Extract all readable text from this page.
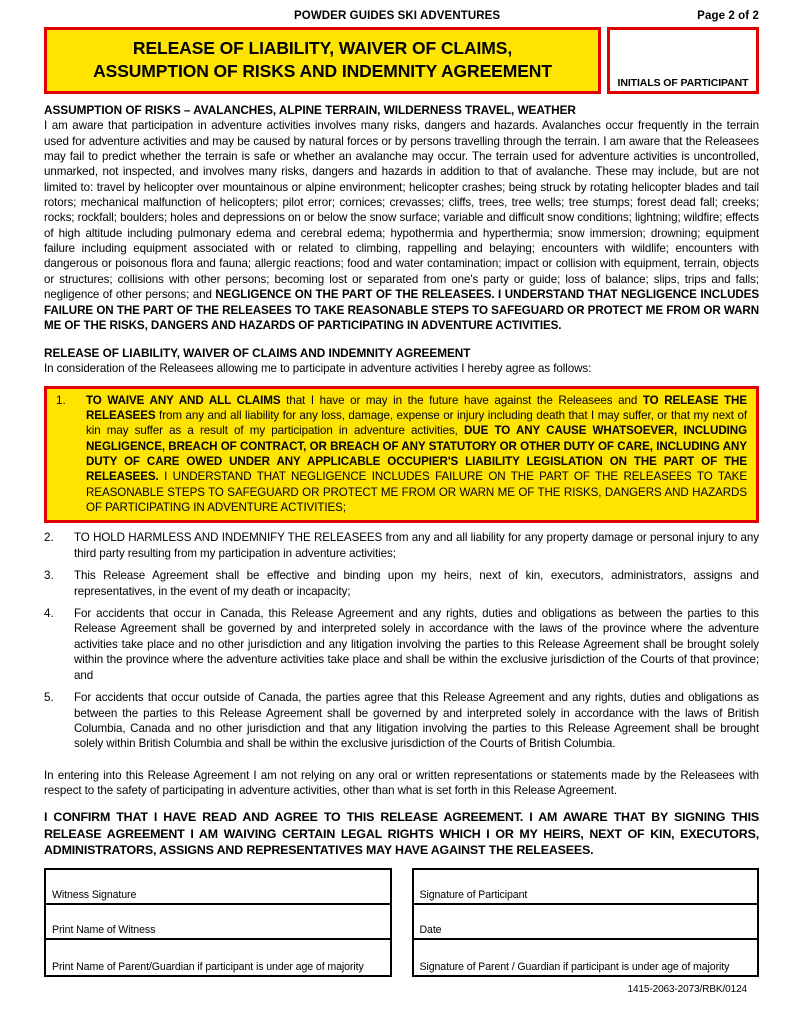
POWDER GUIDES SKI ADVENTURES	Page 2 of 2
RELEASE OF LIABILITY, WAIVER OF CLAIMS,
ASSUMPTION OF RISKS AND INDEMNITY AGREEMENT
INITIALS OF PARTICIPANT
ASSUMPTION OF RISKS – AVALANCHES, ALPINE TERRAIN, WILDERNESS TRAVEL, WEATHER

I am aware that participation in adventure activities involves many risks, dangers and hazards. Avalanches occur frequently in the terrain used for adventure activities and may be caused by natural forces or by persons travelling through the terrain. I am aware that the Releasees may fail to predict whether the terrain is safe or whether an avalanche may occur. The terrain used for adventure activities is uncontrolled, unmarked, not inspected, and involves many risks, dangers and hazards in addition to that of avalanche. These may include, but are not limited to: travel by helicopter over mountainous or alpine environment; helicopter crashes; being struck by rotating helicopter blades and tail rotors; mechanical malfunction of helicopters; pilot error; cornices; crevasses; cliffs, trees, tree wells; tree stumps; forest dead fall; creeks; rocks; rockfall; boulders; holes and depressions on or below the snow surface; variable and difficult snow conditions; lightning; wildfire; effects of high altitude including pulmonary edema and cerebral edema; hypothermia and hyperthermia; snow immersion; drowning; equipment failure including equipment associated with or related to climbing, rappelling and belaying; encounters with wildlife; encounters with dangerous or poisonous flora and fauna; allergic reactions; food and water contamination; impact or collision with equipment, terrain, objects or structures; collisions with other persons; becoming lost or separated from one's party or guide; loss of balance; slips, trips and falls; negligence of other persons; and NEGLIGENCE ON THE PART OF THE RELEASEES. I UNDERSTAND THAT NEGLIGENCE INCLUDES FAILURE ON THE PART OF THE RELEASEES TO TAKE REASONABLE STEPS TO SAFEGUARD OR PROTECT ME FROM OR WARN ME OF THE RISKS, DANGERS AND HAZARDS OF PARTICIPATING IN ADVENTURE ACTIVITIES.

RELEASE OF LIABILITY, WAIVER OF CLAIMS AND INDEMNITY AGREEMENT

In consideration of the Releasees allowing me to participate in adventure activities I hereby agree as follows:

1.	TO WAIVE ANY AND ALL CLAIMS that I have or may in the future have against the Releasees and TO RELEASE THE RELEASEES from any and all liability for any loss, damage, expense or injury including death that I may suffer, or that my next of kin may suffer as a result of my participation in adventure activities, DUE TO ANY CAUSE WHATSOEVER, INCLUDING NEGLIGENCE, BREACH OF CONTRACT, OR BREACH OF ANY STATUTORY OR OTHER DUTY OF CARE, INCLUDING ANY DUTY OF CARE OWED UNDER ANY APPLICABLE OCCUPIER'S LIABILITY LEGISLATION ON THE PART OF THE RELEASEES. I UNDERSTAND THAT NEGLIGENCE INCLUDES FAILURE ON THE PART OF THE RELEASEES TO TAKE REASONABLE STEPS TO SAFEGUARD OR PROTECT ME FROM OR WARN ME OF THE RISKS, DANGERS AND HAZARDS OF PARTICIPATING IN ADVENTURE ACTIVITIES;
2.	TO HOLD HARMLESS AND INDEMNIFY THE RELEASEES from any and all liability for any property damage or personal injury to any third party resulting from my participation in adventure activities;
3.	This Release Agreement shall be effective and binding upon my heirs, next of kin, executors, administrators, assigns and representatives, in the event of my death or incapacity;
4.	For accidents that occur in Canada, this Release Agreement and any rights, duties and obligations as between the parties to this Release Agreement shall be governed by and interpreted solely in accordance with the laws of the province where the adventure activities take place and no other jurisdiction and any litigation involving the parties to this Release Agreement shall be brought solely within the province where the adventure activities take place and shall be within the exclusive jurisdiction of the Courts of that province; and
5.	For accidents that occur outside of Canada, the parties agree that this Release Agreement and any rights, duties and obligations as between the parties to this Release Agreement shall be governed by and interpreted solely in accordance with the laws of British Columbia, Canada and no other jurisdiction and that any litigation involving the parties to this Release Agreement shall be brought solely within British Columbia and shall be within the exclusive jurisdiction of the Courts of British Columbia.

In entering into this Release Agreement I am not relying on any oral or written representations or statements made by the Releasees with respect to the safety of participating in adventure activities, other than what is set forth in this Release Agreement.

I CONFIRM THAT I HAVE READ AND AGREE TO THIS RELEASE AGREEMENT. I AM AWARE THAT BY SIGNING THIS RELEASE AGREEMENT I AM WAIVING CERTAIN LEGAL RIGHTS WHICH I OR MY HEIRS, NEXT OF KIN, EXECUTORS, ADMINISTRATORS, ASSIGNS AND REPRESENTATIVES MAY HAVE AGAINST THE RELEASEES.
Witness Signature
Print Name of Witness
Print Name of Parent/Guardian if participant is under age of majority
Signature of Participant
Date
Signature of Parent / Guardian if participant is under age of majority
1415-2063-2073/RBK/0124
